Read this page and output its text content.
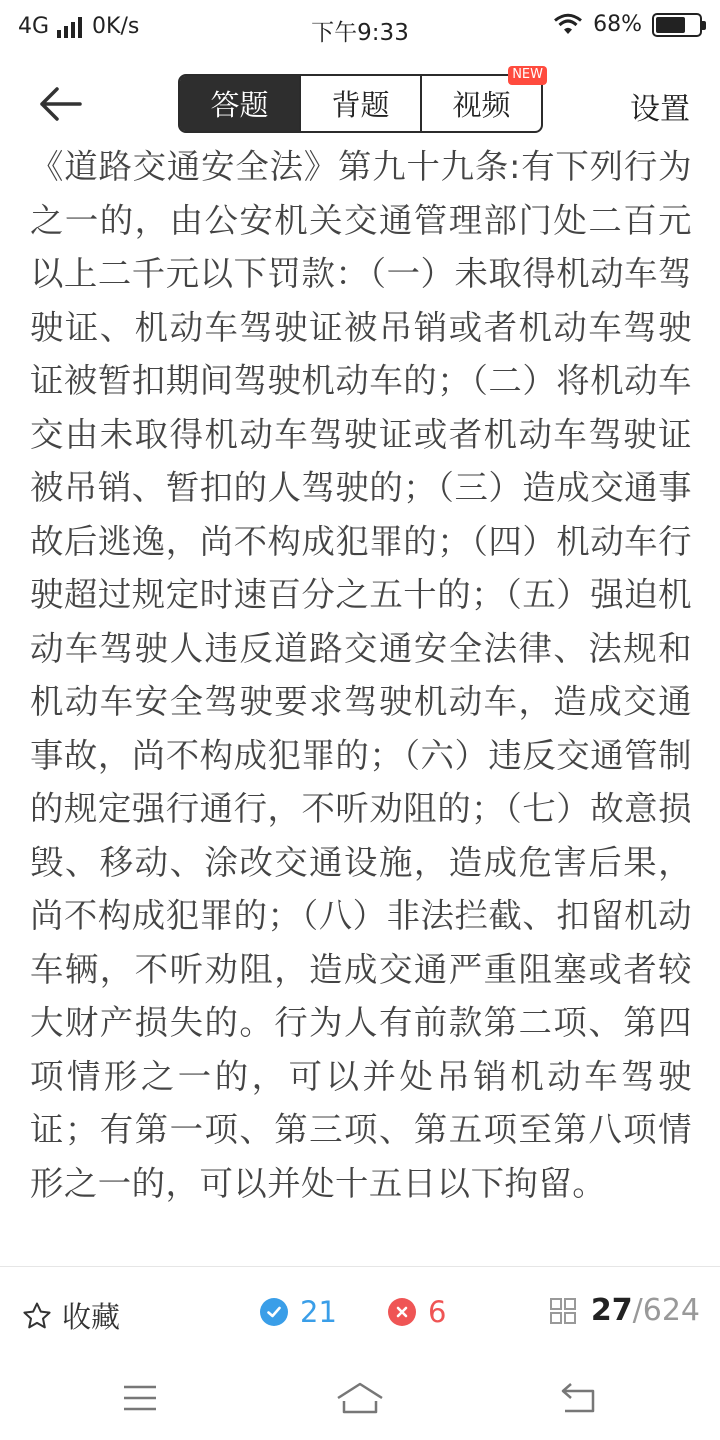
4G 0K/s	下午9:33	68%
答题 背题 视频
NEW
设置

《道路交通安全法》第九十九条:有下列行为之一的，由公安机关交通管理部门处二百元以上二千元以下罚款：（一）未取得机动车驾驶证、机动车驾驶证被吊销或者机动车驾驶证被暂扣期间驾驶机动车的；（二）将机动车交由未取得机动车驾驶证或者机动车驾驶证被吊销、暂扣的人驾驶的；（三）造成交通事故后逃逸，尚不构成犯罪的；（四）机动车行驶超过规定时速百分之五十的；（五）强迫机动车驾驶人违反道路交通安全法律、法规和机动车安全驾驶要求驾驶机动车，造成交通事故，尚不构成犯罪的；（六）违反交通管制的规定强行通行，不听劝阻的；（七）故意损毁、移动、涂改交通设施，造成危害后果，尚不构成犯罪的；（八）非法拦截、扣留机动车辆，不听劝阻，造成交通严重阻塞或者较大财产损失的。行为人有前款第二项、第四项情形之一的，可以并处吊销机动车驾驶证；有第一项、第三项、第五项至第八项情形之一的，可以并处十五日以下拘留。

收藏	21	6	27/624
